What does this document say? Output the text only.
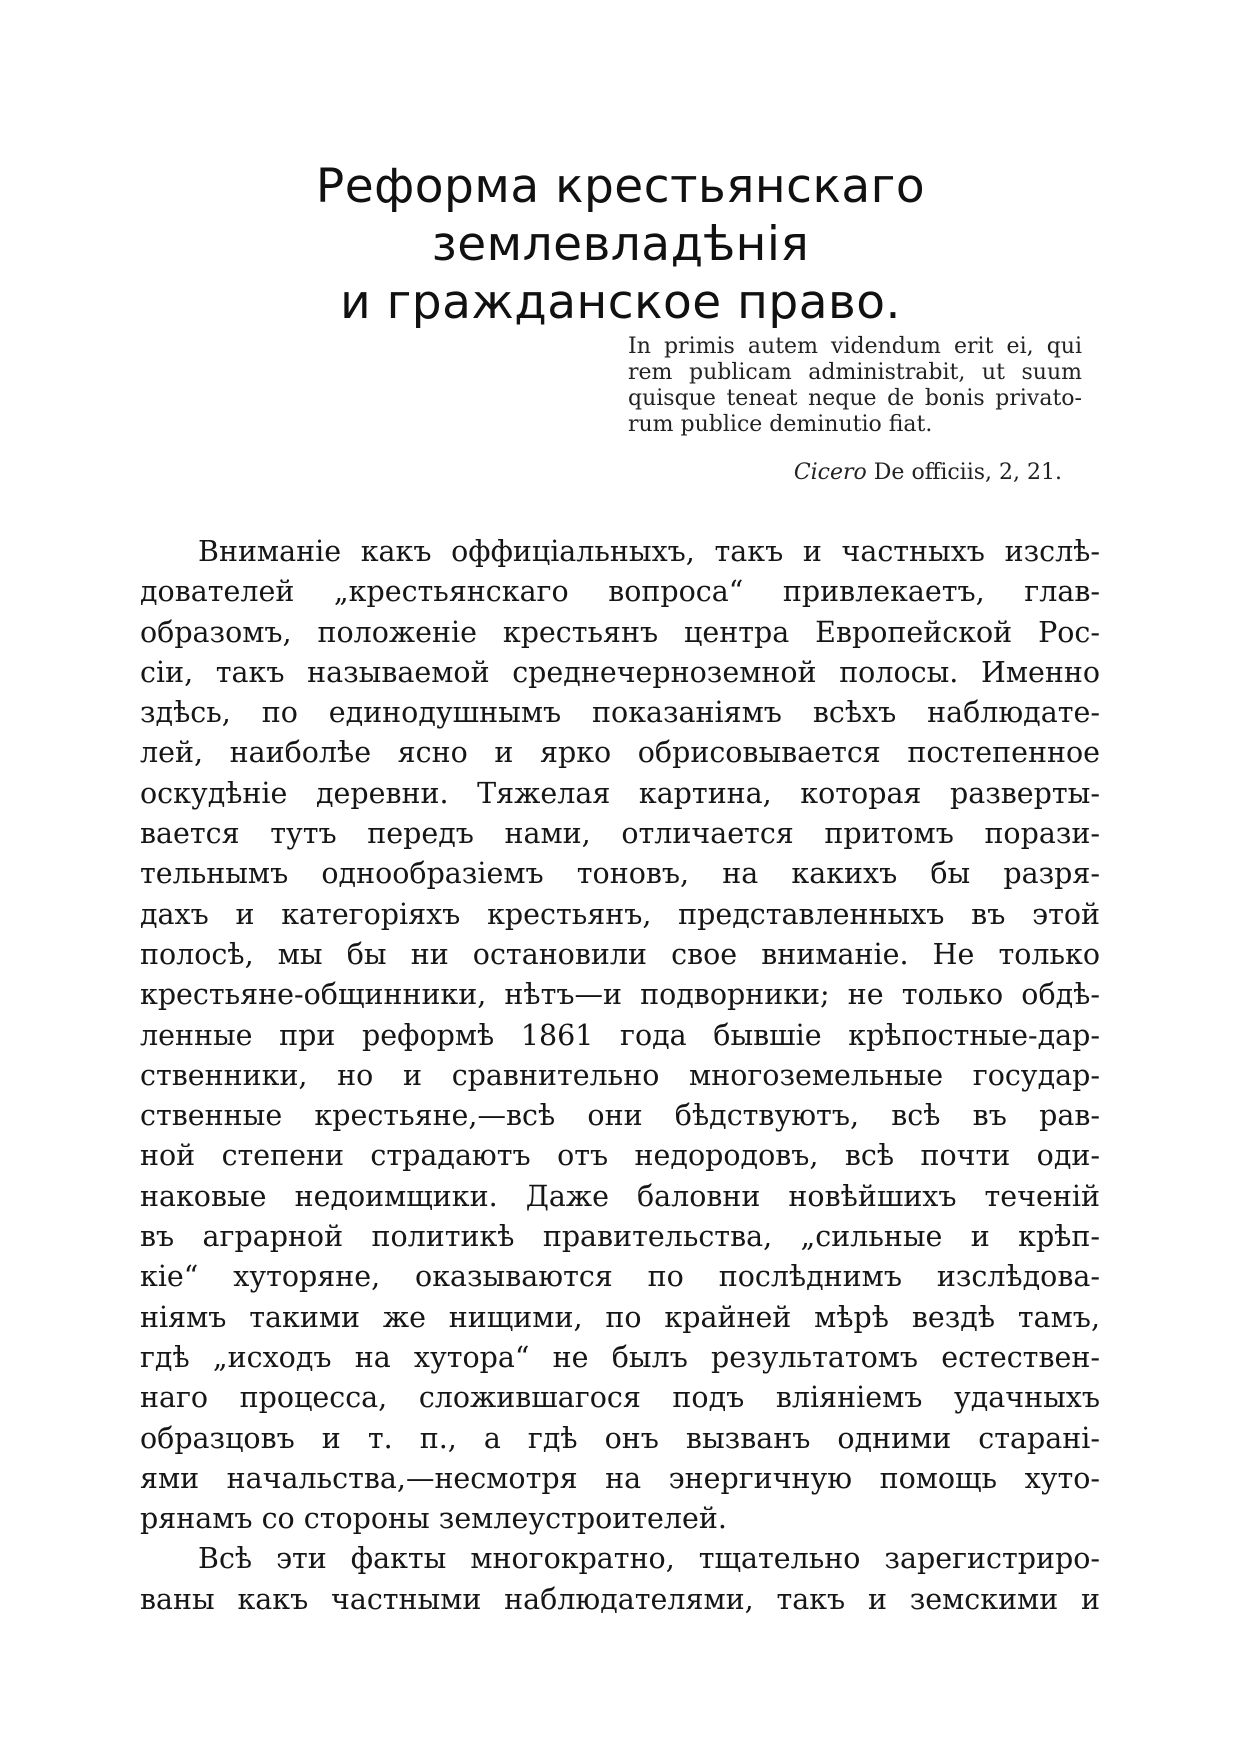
Реформа крестьянскаго землевладѣнія
и гражданское право.
In primis autem videndum erit ei, qui
rem publicam administrabit, ut suum
quisque teneat neque de bonis privato-
rum publice deminutio fiat.
Cicero De officiis, 2, 21.
Вниманіе какъ оффиціальныхъ, такъ и частныхъ изслѣ-
дователей „крестьянскаго вопроса“ привлекаетъ, глав-
образомъ, положеніе крестьянъ центра Европейской Рос-
сіи, такъ называемой среднечерноземной полосы. Именно
здѣсь, по единодушнымъ показаніямъ всѣхъ наблюдате-
лей, наиболѣе ясно и ярко обрисовывается постепенное
оскудѣніе деревни. Тяжелая картина, которая разверты-
вается тутъ передъ нами, отличается притомъ порази-
тельнымъ однообразіемъ тоновъ, на какихъ бы разря-
дахъ и категоріяхъ крестьянъ, представленныхъ въ этой
полосѣ, мы бы ни остановили свое вниманіе. Не только
крестьяне-общинники, нѣтъ—и подворники; не только обдѣ-
ленные при реформѣ 1861 года бывшіе крѣпостные-дар-
ственники, но и сравнительно многоземельные государ-
ственные крестьяне,—всѣ они бѣдствуютъ, всѣ въ рав-
ной степени страдаютъ отъ недородовъ, всѣ почти оди-
наковые недоимщики. Даже баловни новѣйшихъ теченій
въ аграрной политикѣ правительства, „сильные и крѣп-
кіе“ хуторяне, оказываются по послѣднимъ изслѣдова-
ніямъ такими же нищими, по крайней мѣрѣ вездѣ тамъ,
гдѣ „исходъ на хутора“ не былъ результатомъ естествен-
наго процесса, сложившагося подъ вліяніемъ удачныхъ
образцовъ и т. п., а гдѣ онъ вызванъ одними старані-
ями начальства,—несмотря на энергичную помощь хуто-
рянамъ со стороны землеустроителей.
Всѣ эти факты многократно, тщательно зарегистриро-
ваны какъ частными наблюдателями, такъ и земскими и
